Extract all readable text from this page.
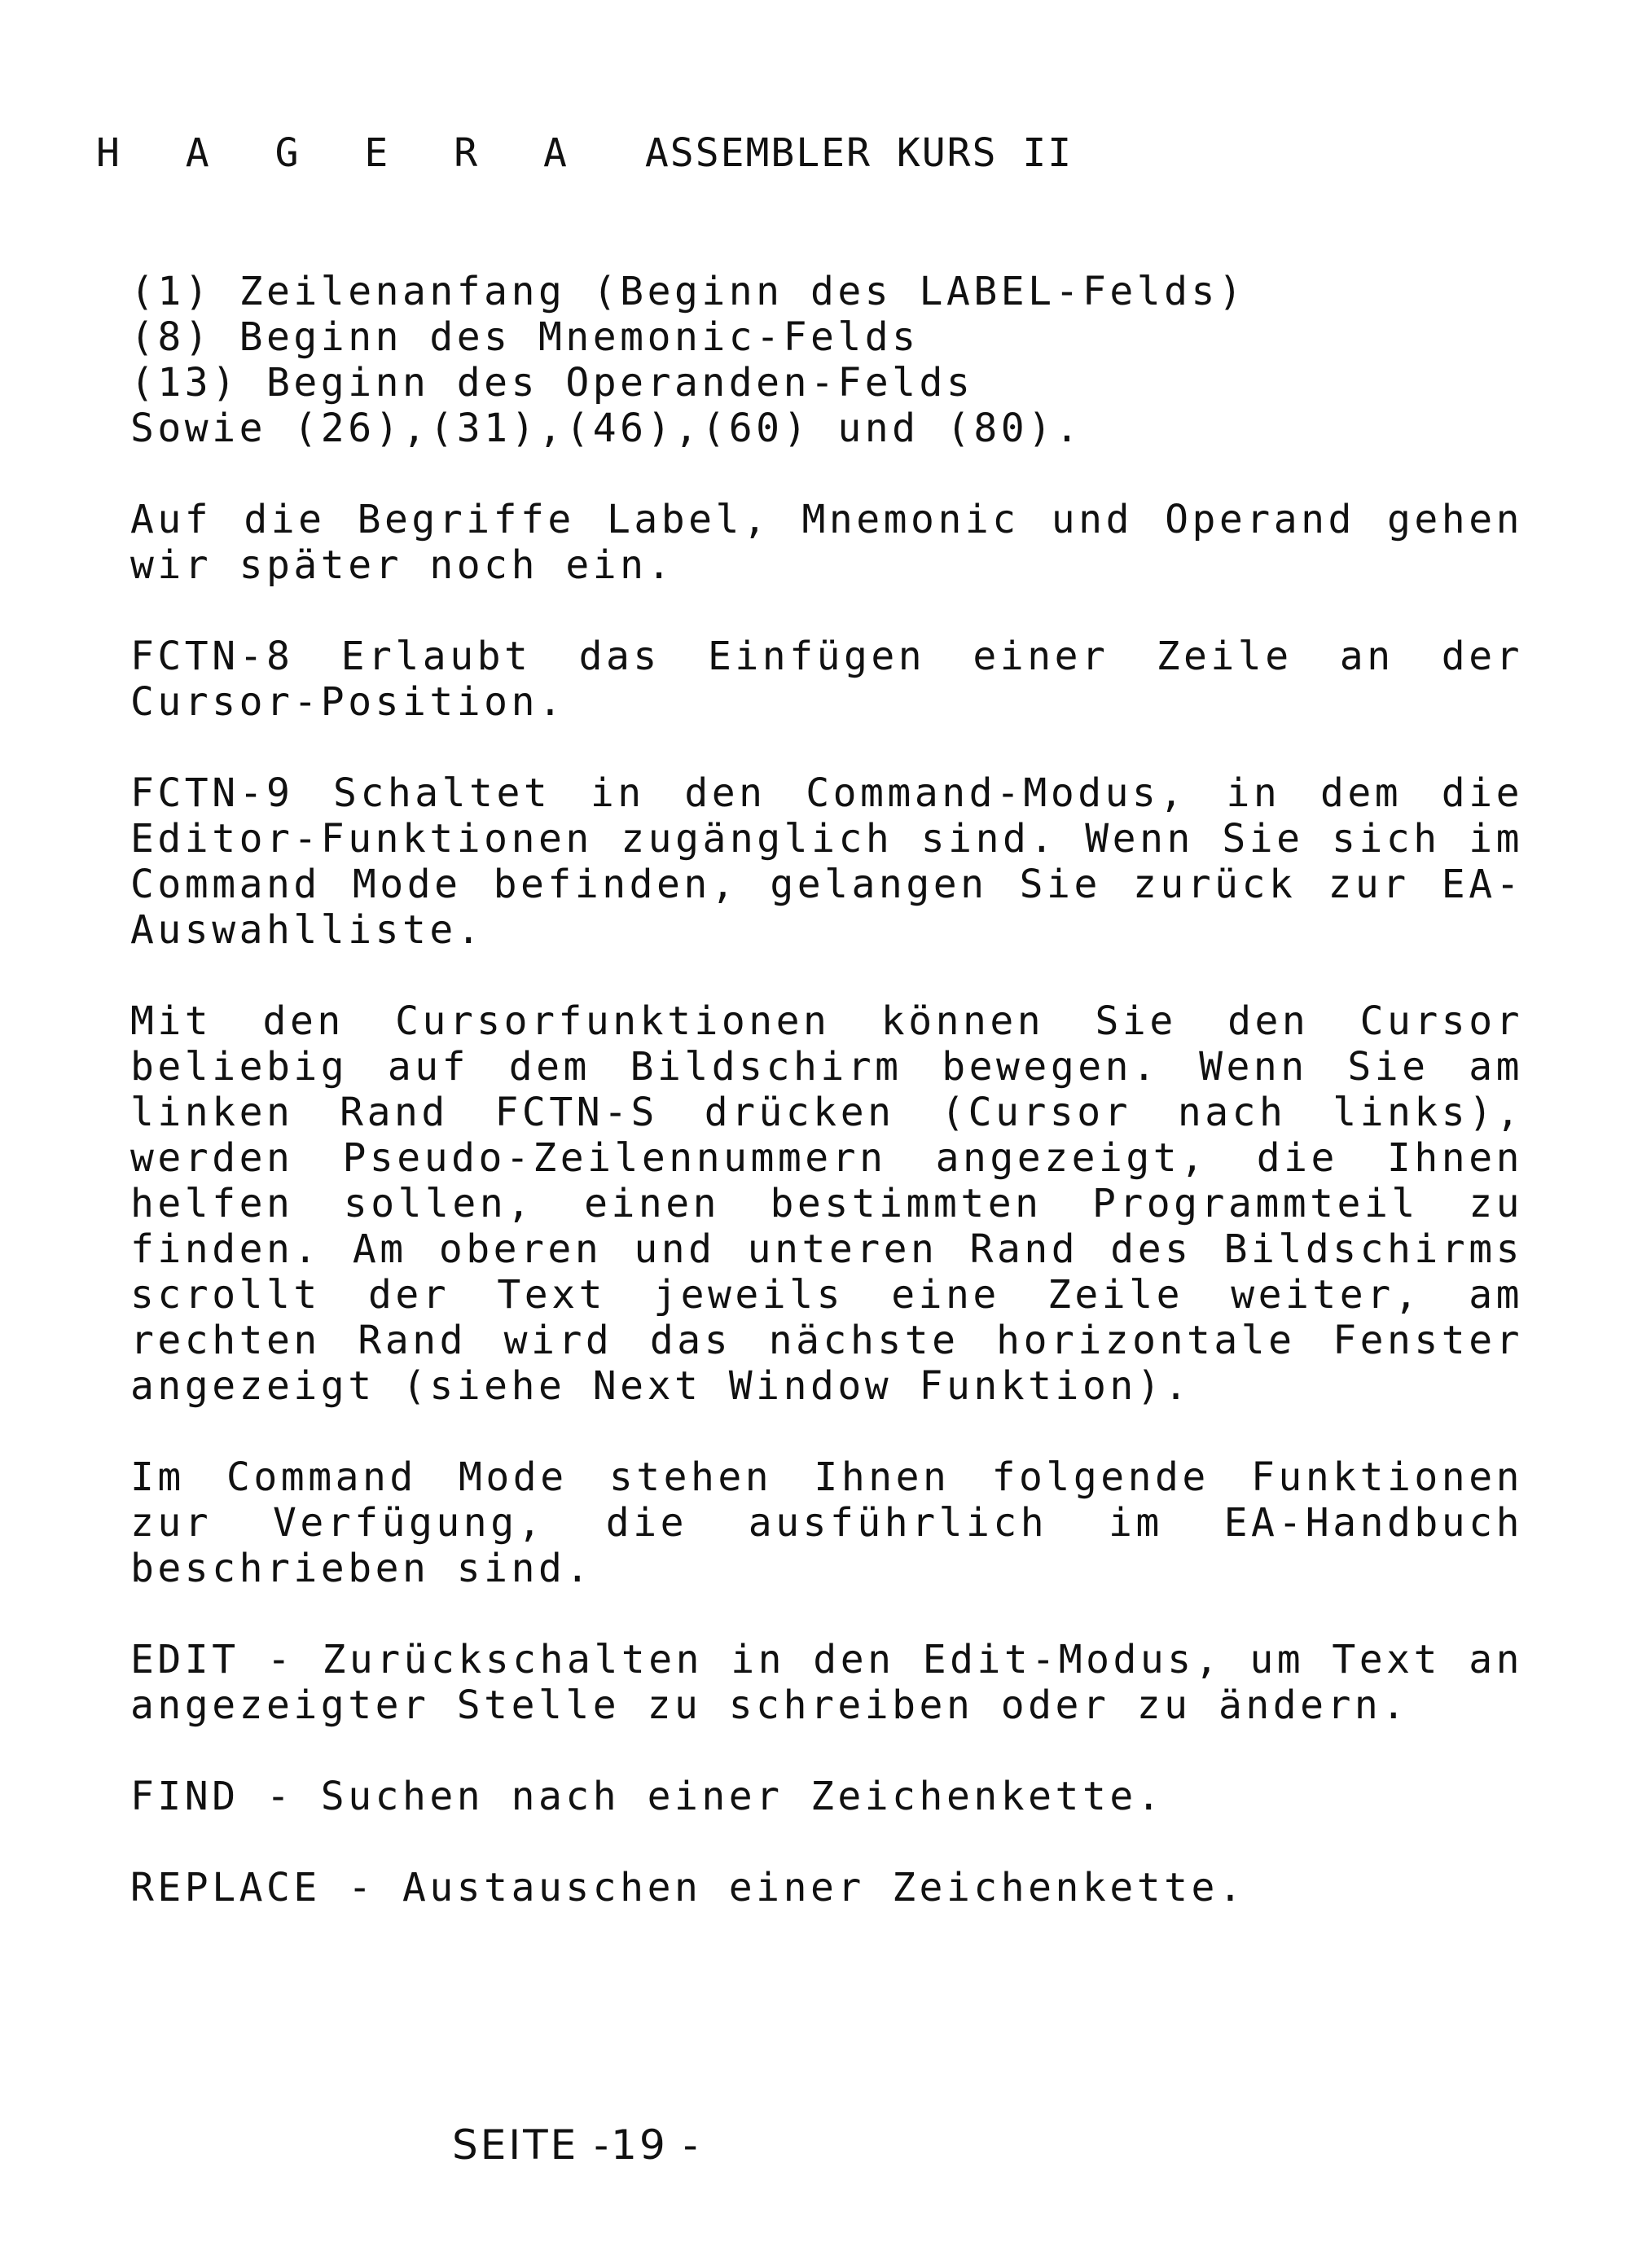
H A G E R A ASSEMBLER KURS II

(1) Zeilenanfang (Beginn des LABEL-Felds)
(8) Beginn des Mnemonic-Felds
(13) Beginn des Operanden-Felds
Sowie (26),(31),(46),(60) und (80).

Auf die Begriffe Label, Mnemonic und Operand gehen wir später noch ein.

FCTN-8 Erlaubt das Einfügen einer Zeile an der Cursor-Position.

FCTN-9 Schaltet in den Command-Modus, in dem die Editor-Funktionen zugänglich sind. Wenn Sie sich im Command Mode befinden, gelangen Sie zurück zur EA-Auswahlliste.

Mit den Cursorfunktionen können Sie den Cursor beliebig auf dem Bildschirm bewegen. Wenn Sie am linken Rand FCTN-S drücken (Cursor nach links), werden Pseudo-Zeilennummern angezeigt, die Ihnen helfen sollen, einen bestimmten Programmteil zu finden. Am oberen und unteren Rand des Bildschirms scrollt der Text jeweils eine Zeile weiter, am rechten Rand wird das nächste horizontale Fenster angezeigt (siehe Next Window Funktion).

Im Command Mode stehen Ihnen folgende Funktionen zur Verfügung, die ausführlich im EA-Handbuch beschrieben sind.

EDIT - Zurückschalten in den Edit-Modus, um Text an angezeigter Stelle zu schreiben oder zu ändern.

FIND - Suchen nach einer Zeichenkette.

REPLACE - Austauschen einer Zeichenkette.

SEITE -19 -
